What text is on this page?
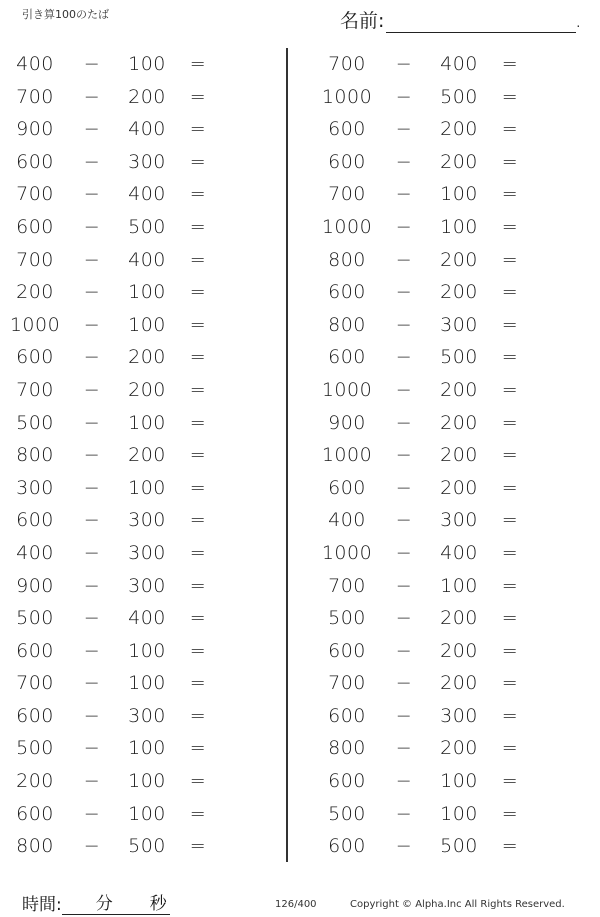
引き算100のたば	名前:	.
400	−	100	=
700	−	200	=
900	−	400	=
600	−	300	=
700	−	400	=
600	−	500	=
700	−	400	=
200	−	100	=
1000	−	100	=
600	−	200	=
700	−	200	=
500	−	100	=
800	−	200	=
300	−	100	=
600	−	300	=
400	−	300	=
900	−	300	=
500	−	400	=
600	−	100	=
700	−	100	=
600	−	300	=
500	−	100	=
200	−	100	=
600	−	100	=
800	−	500	=
700	−	400	=
1000	−	500	=
600	−	200	=
600	−	200	=
700	−	100	=
1000	−	100	=
800	−	200	=
600	−	200	=
800	−	300	=
600	−	500	=
1000	−	200	=
900	−	200	=
1000	−	200	=
600	−	200	=
400	−	300	=
1000	−	400	=
700	−	100	=
500	−	200	=
600	−	200	=
700	−	200	=
600	−	300	=
800	−	200	=
600	−	100	=
500	−	100	=
600	−	500	=
時間: 分 秒	126/400	Copyright © Alpha.Inc All Rights Reserved.
